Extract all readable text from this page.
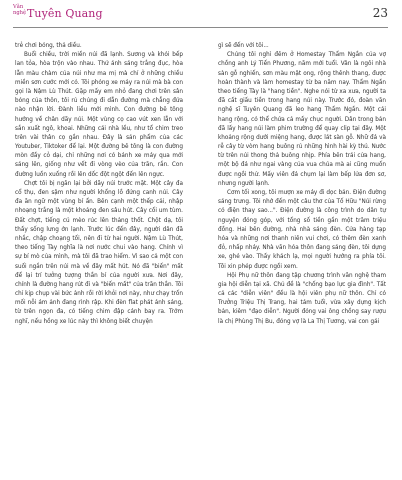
Văn
nghệ Tuyên Quang	23

trẻ chơi bóng, thả diều.

Buổi chiều, trời miền núi đã lạnh. Sương và khói bếp lan tỏa, hòa trộn vào nhau. Thứ ánh sáng trắng đục, hòa lẫn màu chàm của núi như ma mị mà chỉ ở những chiều miền sơn cước mới có. Tôi phóng xe máy ra núi mà bà con gọi là Nậm Lù Thút. Gặp mấy em nhỏ đang chơi trên sân bóng của thôn, tôi rủ chúng đi dẫn đường mà chẳng đứa nào nhận lời. Đành liều mới mình. Con đường bê tông hướng về chân dãy núi. Một vùng cọ cao vút xen lẫn với sắn xuất ngô, khoai. Những cái nhà lều, như tổ chim treo trên vài thân cọ gần nhau. Đây là sản phẩm của các Youtuber, Tiktoker để lại. Một đường bê tông là con đường mòn đầy cỏ dại, chỉ những nơi có bánh xe máy qua mới sáng lên, giống như vết đi vòng vèo của trăn, rắn. Con đường luồn xuống rồi lên dốc đột ngột đến lên ngực.

Chợt tôi bị ngăn lại bởi dãy núi trước mặt. Một cây đa cổ thụ, đen sậm như người khổng lồ đứng canh núi. Cây đa ăn ngữ một vùng bí ẩn. Bên cạnh một thếp cải, nhập nhoạng trắng là một khoảng đen sâu hút. Cây cối um tùm. Đất chợt, tiếng cú mèo rúc lên thảng thốt. Chột dạ, tôi thấy sống lưng ớn lạnh. Trước lúc đến đây, người dân đã nhắc, chập choạng tối, nên đi từ hai người. Nậm Lù Thút, theo tiếng Tày nghĩa là nơi nước chui vào hang. Chính vì sự bí mò của mình, mà tôi đã trao hiểm. Vì sao cả một con suối ngắn trên núi mà về đây mất hút. Nó đã "biến" mất để lại trí tưởng tượng thần bí của người xưa. Nơi đây, chính là đường hang rút đi và "biến mất" của trăn thần. Tôi chỉ kịp chụp vài bức ảnh rồi rời khỏi nơi này, như chạy trốn mối nỗi ám ảnh đang rình rập. Khi đèn flat phát ánh sáng, từ trên ngọn đa, có tiếng chim đập cánh bay ra. Trớm nghĩ, nếu hồng xe lúc này thì không biết chuyện

gì sẽ đến với tôi...

Chúng tôi nghỉ đêm ở Homestay Thẩm Ngần của vợ chồng anh Lý Tiến Phương, năm mới tuổi. Vân là ngôi nhà sàn gỗ nghiến, sơn màu mật ong, rộng thênh thang, được hoàn thành và làm homestay từ ba năm nay. Thẩm Ngần theo tiếng Tày là "hang tiền". Nghe nói từ xa xưa, người ta đã cất giấu tiền trong hang núi này. Trước đó, đoàn văn nghệ sĩ Tuyên Quang đã leo hang Thẩm Ngần. Một cái hang rộng, có thể chứa cả mấy chục người. Dân trong bản đã lấy hang núi làm phim trường để quay clip tại đây. Một khoảng rộng dưới miệng hang, được lát sàn gỗ. Nhữ đá và rễ cây từ vòm hang buông rủ những hình hài kỳ thú. Nước từ trên núi thong thả buông nhịp. Phía bên trái cửa hang, một bộ đá như ngai vàng của vua chúa mà ai cũng muốn được ngồi thử. Mấy viên đá chụm lại làm bếp lửa đơn sơ, nhưng người lạnh.

Cơm tối xong, tôi mượn xe máy đi dọc bản. Điện đường sáng trưng. Tôi nhớ đến một câu thơ của Tố Hữu "Núi rừng có điện thay sao...". Điện đường là công trình do dân tự nguyện đóng góp, với tổng số tiền gần một trăm triệu đồng. Hai bên đường, nhà nhà sáng đèn. Cửa hàng tạp hóa và những nơi thanh niên vui chơi, có thêm đèn xanh đỏ, nhấp nháy. Nhà văn hóa thôn đang sáng đèn, tôi dựng xe, ghé vào. Thấy khách lạ, mọi người hướng ra phía tôi. Tôi xin phép được ngồi xem.

Hội Phụ nữ thôn đang tập chương trình văn nghệ tham gia hội diễn tại xã. Chủ đề là "chống bạo lực gia đình". Tất cả các "diễn viên" đều là hội viên phụ nữ thôn. Chỉ có Trưởng Triệu Thị Trang, hai tám tuổi, vừa xây dựng kịch bản, kiêm "đạo diễn". Người đóng vai ông chồng say rượu là chị Phùng Thị Bu, đóng vợ là La Thị Tương, vai con gái
